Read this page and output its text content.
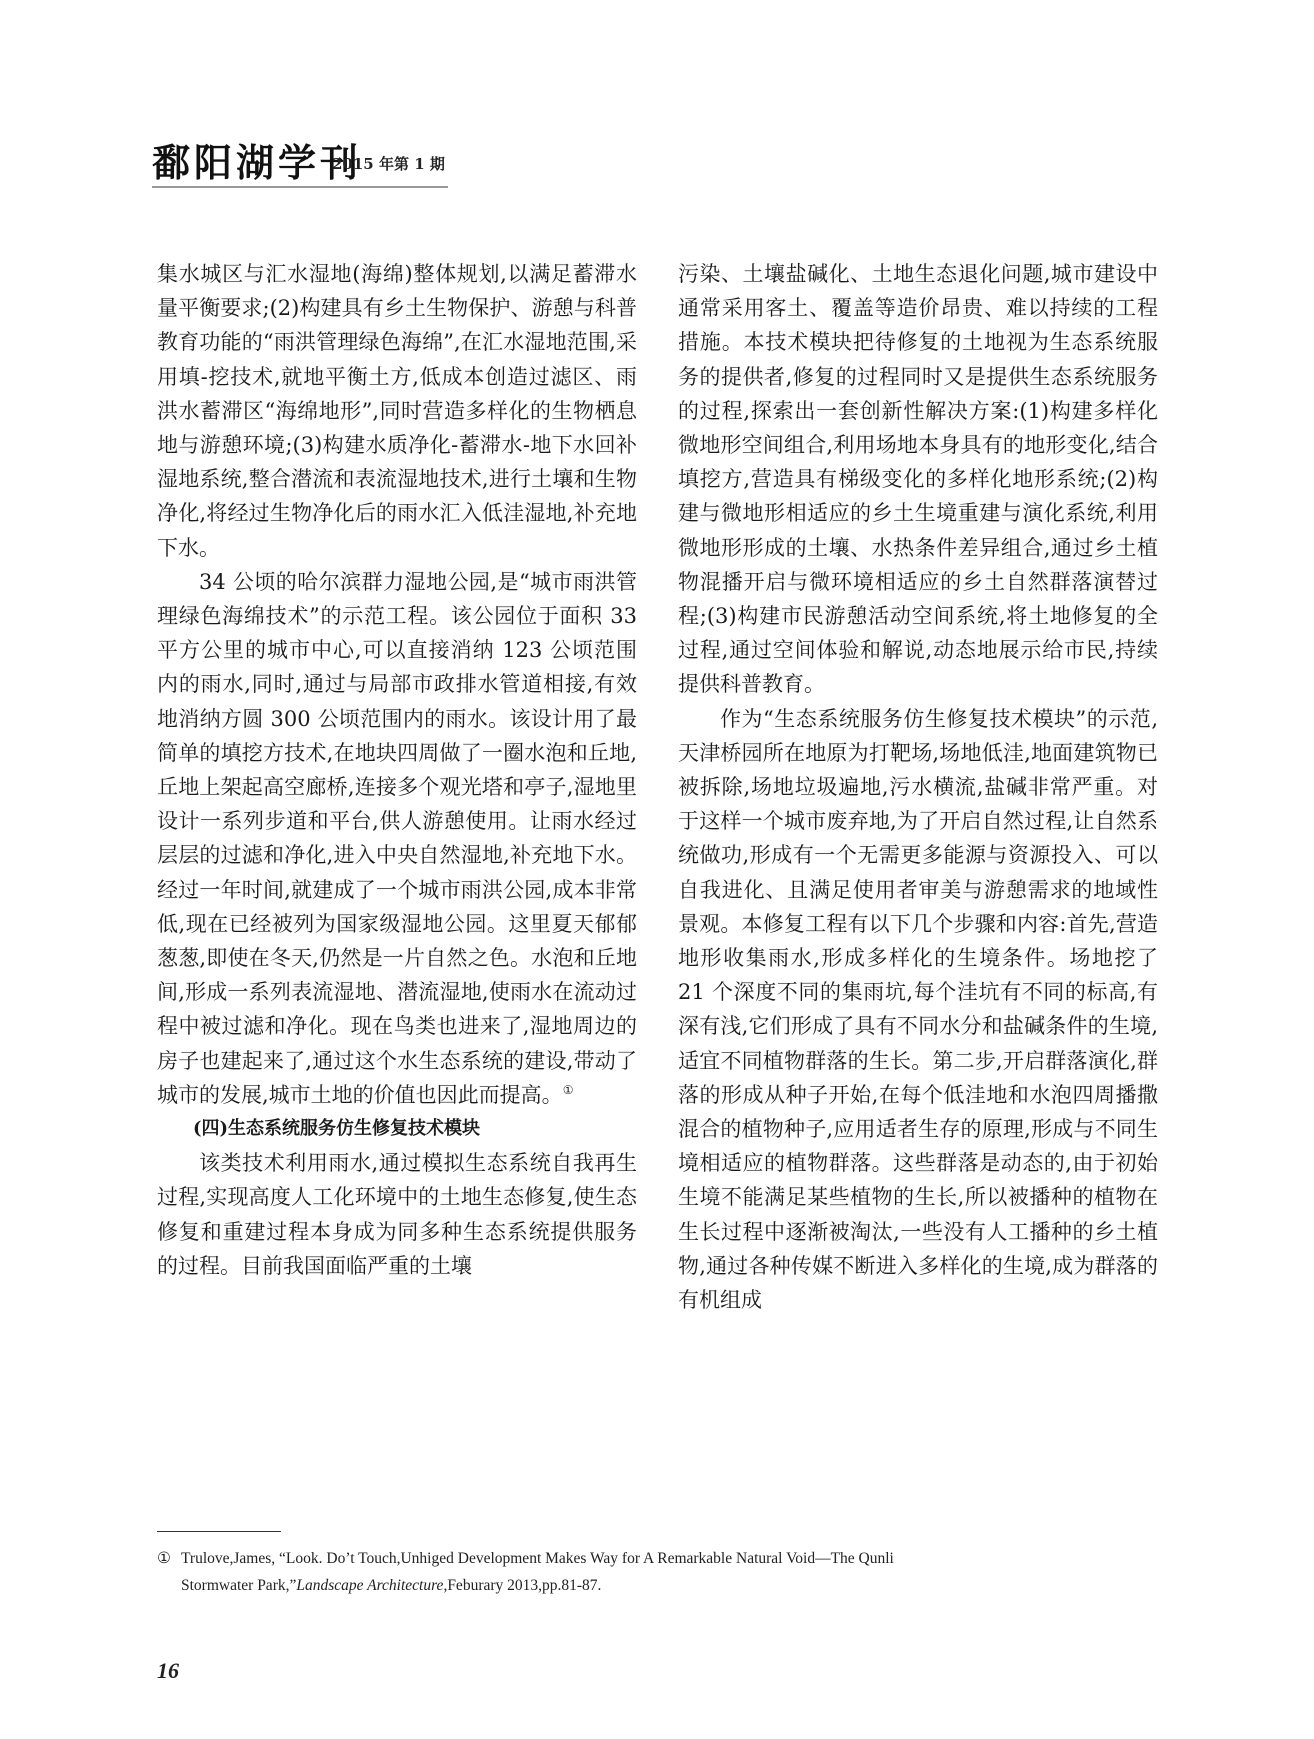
鄱阳湖学刊
2015 年第 1 期

集水城区与汇水湿地(海绵)整体规划,以满足蓄滞水量平衡要求;(2)构建具有乡土生物保护、游憩与科普教育功能的“雨洪管理绿色海绵”,在汇水湿地范围,采用填-挖技术,就地平衡土方,低成本创造过滤区、雨洪水蓄滞区“海绵地形”,同时营造多样化的生物栖息地与游憩环境;(3)构建水质净化-蓄滞水-地下水回补湿地系统,整合潜流和表流湿地技术,进行土壤和生物净化,将经过生物净化后的雨水汇入低洼湿地,补充地下水。

34 公顷的哈尔滨群力湿地公园,是“城市雨洪管理绿色海绵技术”的示范工程。该公园位于面积 33 平方公里的城市中心,可以直接消纳 123 公顷范围内的雨水,同时,通过与局部市政排水管道相接,有效地消纳方圆 300 公顷范围内的雨水。该设计用了最简单的填挖方技术,在地块四周做了一圈水泡和丘地,丘地上架起高空廊桥,连接多个观光塔和亭子,湿地里设计一系列步道和平台,供人游憩使用。让雨水经过层层的过滤和净化,进入中央自然湿地,补充地下水。经过一年时间,就建成了一个城市雨洪公园,成本非常低,现在已经被列为国家级湿地公园。这里夏天郁郁葱葱,即使在冬天,仍然是一片自然之色。水泡和丘地间,形成一系列表流湿地、潜流湿地,使雨水在流动过程中被过滤和净化。现在鸟类也进来了,湿地周边的房子也建起来了,通过这个水生态系统的建设,带动了城市的发展,城市土地的价值也因此而提高。①

(四)生态系统服务仿生修复技术模块

该类技术利用雨水,通过模拟生态系统自我再生过程,实现高度人工化环境中的土地生态修复,使生态修复和重建过程本身成为同多种生态系统提供服务的过程。目前我国面临严重的土壤

污染、土壤盐碱化、土地生态退化问题,城市建设中通常采用客土、覆盖等造价昂贵、难以持续的工程措施。本技术模块把待修复的土地视为生态系统服务的提供者,修复的过程同时又是提供生态系统服务的过程,探索出一套创新性解决方案:(1)构建多样化微地形空间组合,利用场地本身具有的地形变化,结合填挖方,营造具有梯级变化的多样化地形系统;(2)构建与微地形相适应的乡土生境重建与演化系统,利用微地形形成的土壤、水热条件差异组合,通过乡土植物混播开启与微环境相适应的乡土自然群落演替过程;(3)构建市民游憩活动空间系统,将土地修复的全过程,通过空间体验和解说,动态地展示给市民,持续提供科普教育。

作为“生态系统服务仿生修复技术模块”的示范,天津桥园所在地原为打靶场,场地低洼,地面建筑物已被拆除,场地垃圾遍地,污水横流,盐碱非常严重。对于这样一个城市废弃地,为了开启自然过程,让自然系统做功,形成有一个无需更多能源与资源投入、可以自我进化、且满足使用者审美与游憩需求的地域性景观。本修复工程有以下几个步骤和内容:首先,营造地形收集雨水,形成多样化的生境条件。场地挖了 21 个深度不同的集雨坑,每个洼坑有不同的标高,有深有浅,它们形成了具有不同水分和盐碱条件的生境,适宜不同植物群落的生长。第二步,开启群落演化,群落的形成从种子开始,在每个低洼地和水泡四周播撒混合的植物种子,应用适者生存的原理,形成与不同生境相适应的植物群落。这些群落是动态的,由于初始生境不能满足某些植物的生长,所以被播种的植物在生长过程中逐渐被淘汰,一些没有人工播种的乡土植物,通过各种传媒不断进入多样化的生境,成为群落的有机组成

① Trulove,James, “Look. Do’t Touch,Unhiged Development Makes Way for A Remarkable Natural Void—The Qunli
Stormwater Park,”Landscape Architecture,Feburary 2013,pp.81-87.
16
